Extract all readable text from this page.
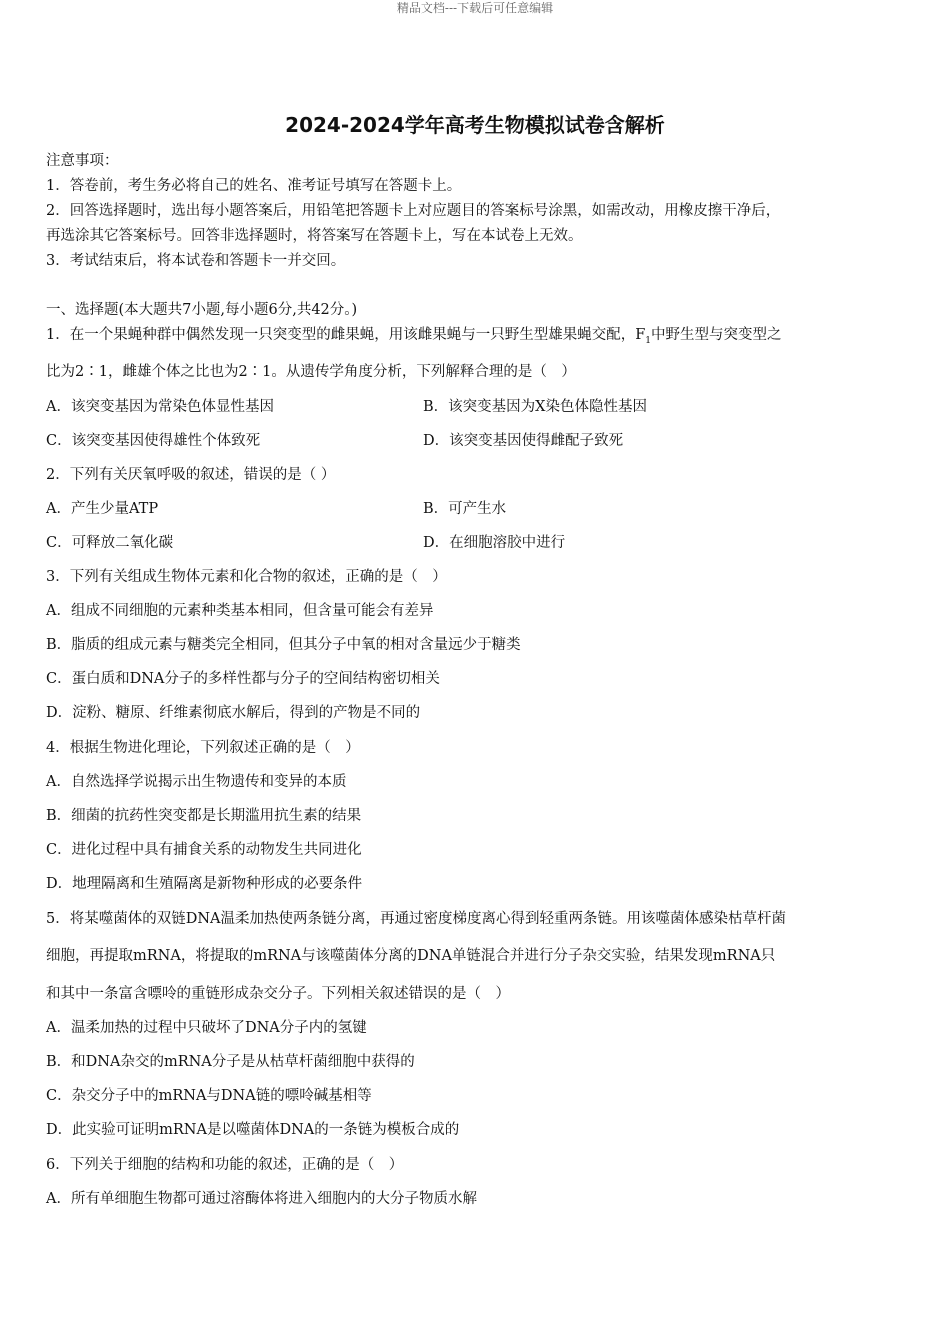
精品文档---下载后可任意编辑
2024-2024学年高考生物模拟试卷含解析
注意事项：
1．答卷前，考生务必将自己的姓名、准考证号填写在答题卡上。
2．回答选择题时，选出每小题答案后，用铅笔把答题卡上对应题目的答案标号涂黑，如需改动，用橡皮擦干净后，
再选涂其它答案标号。回答非选择题时，将答案写在答题卡上，写在本试卷上无效。
3．考试结束后，将本试卷和答题卡一并交回。
一、选择题(本大题共7小题,每小题6分,共42分。)
1．在一个果蝇种群中偶然发现一只突变型的雌果蝇，用该雌果蝇与一只野生型雄果蝇交配，$F_1$中野生型与突变型之
比为2∶1，雌雄个体之比也为2∶1。从遗传学角度分析，下列解释合理的是（　）
A．该突变基因为常染色体显性基因	B．该突变基因为X染色体隐性基因
C．该突变基因使得雄性个体致死	D．该突变基因使得雌配子致死
2．下列有关厌氧呼吸的叙述，错误的是（ ）
A．产生少量ATP	B．可产生水
C．可释放二氧化碳	D．在细胞溶胶中进行
3．下列有关组成生物体元素和化合物的叙述，正确的是（　）
A．组成不同细胞的元素种类基本相同，但含量可能会有差异
B．脂质的组成元素与糖类完全相同，但其分子中氧的相对含量远少于糖类
C．蛋白质和DNA分子的多样性都与分子的空间结构密切相关
D．淀粉、糖原、纤维素彻底水解后，得到的产物是不同的
4．根据生物进化理论，下列叙述正确的是（　）
A．自然选择学说揭示出生物遗传和变异的本质
B．细菌的抗药性突变都是长期滥用抗生素的结果
C．进化过程中具有捕食关系的动物发生共同进化
D．地理隔离和生殖隔离是新物种形成的必要条件
5．将某噬菌体的双链DNA温柔加热使两条链分离，再通过密度梯度离心得到轻重两条链。用该噬菌体感染枯草杆菌
细胞，再提取mRNA，将提取的mRNA与该噬菌体分离的DNA单链混合并进行分子杂交实验，结果发现mRNA只
和其中一条富含嘌呤的重链形成杂交分子。下列相关叙述错误的是（　）
A．温柔加热的过程中只破坏了DNA分子内的氢键
B．和DNA杂交的mRNA分子是从枯草杆菌细胞中获得的
C．杂交分子中的mRNA与DNA链的嘌呤碱基相等
D．此实验可证明mRNA是以噬菌体DNA的一条链为模板合成的
6．下列关于细胞的结构和功能的叙述，正确的是（　）
A．所有单细胞生物都可通过溶酶体将进入细胞内的大分子物质水解
